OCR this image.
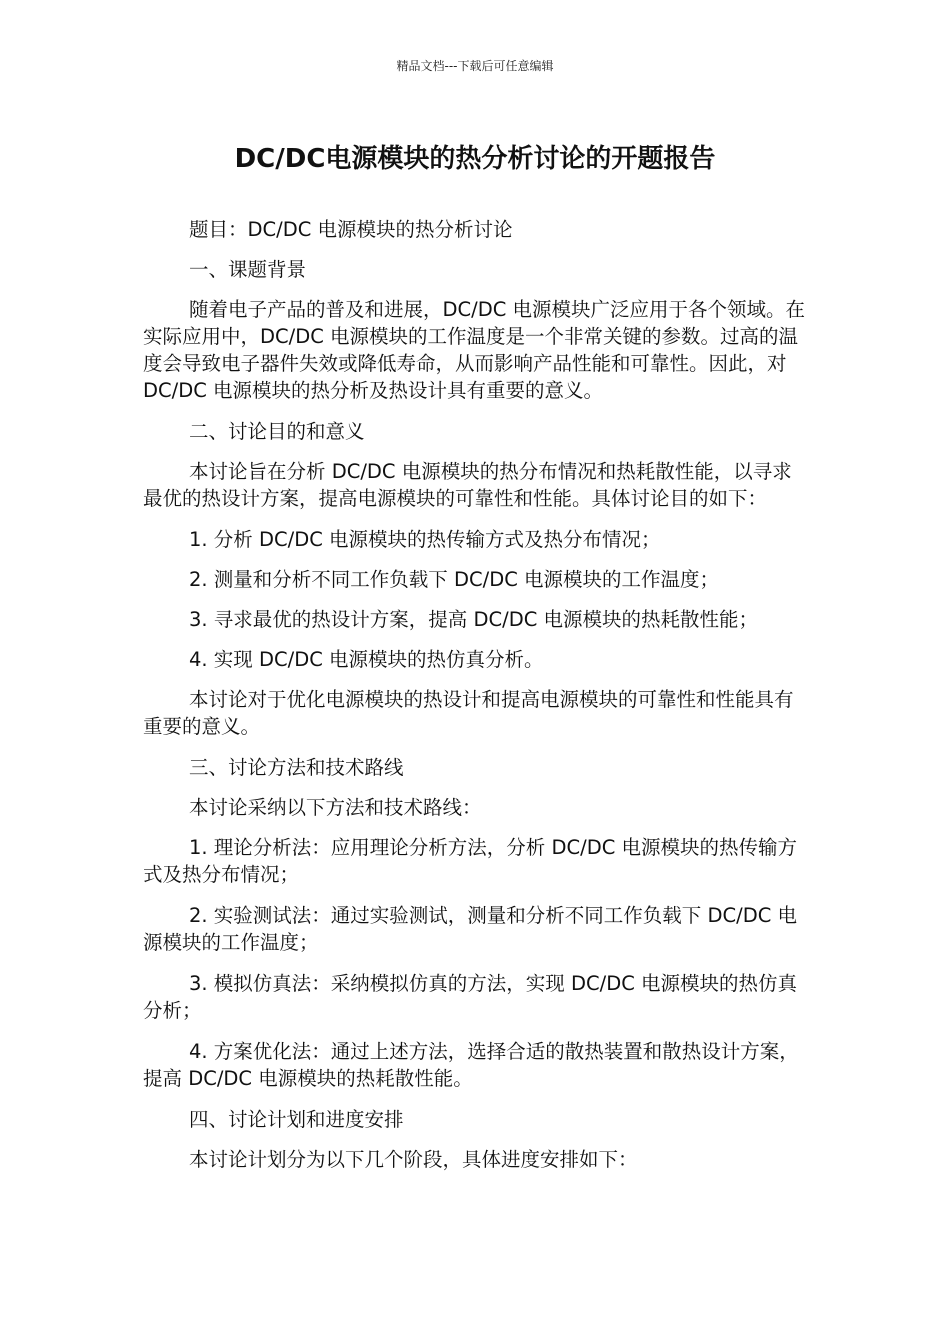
精品文档---下载后可任意编辑
DC/DC电源模块的热分析讨论的开题报告

题目：DC/DC 电源模块的热分析讨论

一、课题背景

随着电子产品的普及和进展，DC/DC 电源模块广泛应用于各个领域。在实际应用中，DC/DC 电源模块的工作温度是一个非常关键的参数。过高的温度会导致电子器件失效或降低寿命，从而影响产品性能和可靠性。因此，对 DC/DC 电源模块的热分析及热设计具有重要的意义。

二、讨论目的和意义

本讨论旨在分析 DC/DC 电源模块的热分布情况和热耗散性能，以寻求最优的热设计方案，提高电源模块的可靠性和性能。具体讨论目的如下：

1. 分析 DC/DC 电源模块的热传输方式及热分布情况；

2. 测量和分析不同工作负载下 DC/DC 电源模块的工作温度；

3. 寻求最优的热设计方案，提高 DC/DC 电源模块的热耗散性能；

4. 实现 DC/DC 电源模块的热仿真分析。

本讨论对于优化电源模块的热设计和提高电源模块的可靠性和性能具有重要的意义。

三、讨论方法和技术路线

本讨论采纳以下方法和技术路线：

1. 理论分析法：应用理论分析方法，分析 DC/DC 电源模块的热传输方式及热分布情况；

2. 实验测试法：通过实验测试，测量和分析不同工作负载下 DC/DC 电源模块的工作温度；

3. 模拟仿真法：采纳模拟仿真的方法，实现 DC/DC 电源模块的热仿真分析；

4. 方案优化法：通过上述方法，选择合适的散热装置和散热设计方案，提高 DC/DC 电源模块的热耗散性能。

四、讨论计划和进度安排

本讨论计划分为以下几个阶段，具体进度安排如下：
